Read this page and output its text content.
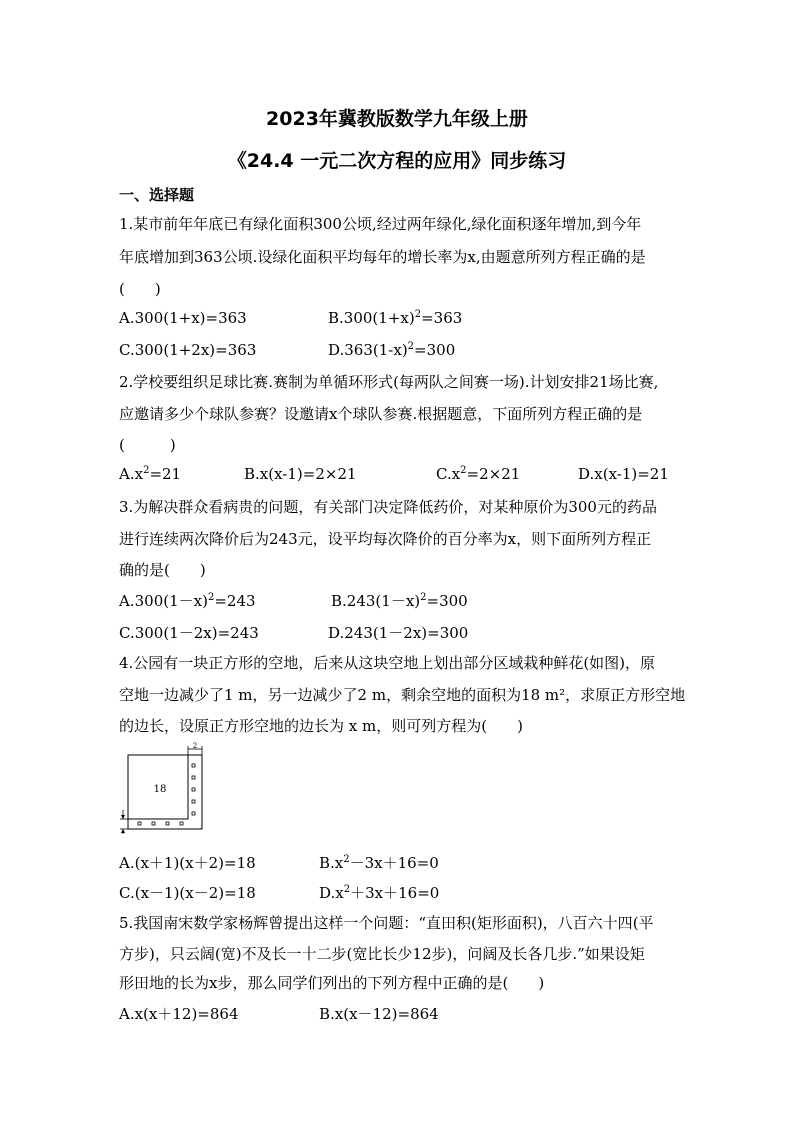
2023年冀教版数学九年级上册
《24.4 一元二次方程的应用》同步练习
一、选择题
1.某市前年年底已有绿化面积300公顷,经过两年绿化,绿化面积逐年增加,到今年
年底增加到363公顷.设绿化面积平均每年的增长率为x,由题意所列方程正确的是
(　　)
A.300(1+x)=363	$B.300(1+x)^2=363$
C.300(1+2x)=363	$D.363(1-x)^2=300$
2.学校要组织足球比赛.赛制为单循环形式(每两队之间赛一场).计划安排21场比赛,
应邀请多少个球队参赛？设邀请x个球队参赛.根据题意，下面所列方程正确的是
(　　　)
$A.x^2=21$	B.x(x-1)=2×21	$C.x^2=2\times 21$	D.x(x-1)=21
3.为解决群众看病贵的问题，有关部门决定降低药价，对某种原价为300元的药品
进行连续两次降价后为243元，设平均每次降价的百分率为x，则下面所列方程正
确的是(　　)
$A.300(1-x)^2=243$	$B.243(1-x)^2=300$
C.300(1－2x)=243	D.243(1－2x)=300
4.公园有一块正方形的空地，后来从这块空地上划出部分区域栽种鲜花(如图)，原
空地一边减少了1 m，另一边减少了2 m，剩余空地的面积为18 m²，求原正方形空地
的边长，设原正方形空地的边长为 x m，则可列方程为(　　)
2
18
A.(x＋1)(x＋2)=18	$B.x^2-3x+16=0$
C.(x－1)(x－2)=18	$D.x^2+3x+16=0$
5.我国南宋数学家杨辉曾提出这样一个问题：“直田积(矩形面积)，八百六十四(平
方步)，只云阔(宽)不及长一十二步(宽比长少12步)，问阔及长各几步.”如果设矩
形田地的长为x步，那么同学们列出的下列方程中正确的是(　　)
A.x(x＋12)=864	B.x(x－12)=864
